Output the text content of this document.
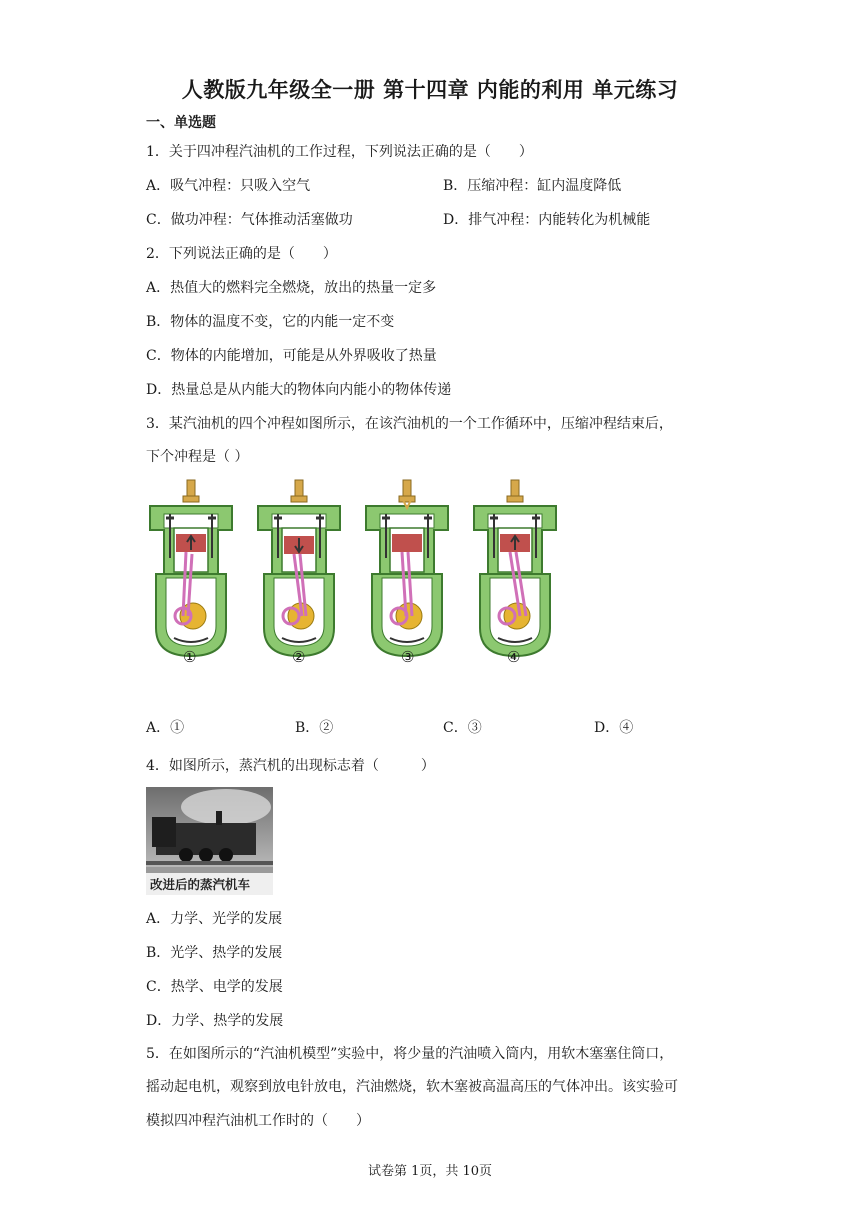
人教版九年级全一册 第十四章 内能的利用 单元练习
一、单选题
1．关于四冲程汽油机的工作过程，下列说法正确的是（　　）
A．吸气冲程：只吸入空气	B．压缩冲程：缸内温度降低
C．做功冲程：气体推动活塞做功	D．排气冲程：内能转化为机械能
2．下列说法正确的是（　　）
A．热值大的燃料完全燃烧，放出的热量一定多
B．物体的温度不变，它的内能一定不变
C．物体的内能增加，可能是从外界吸收了热量
D．热量总是从内能大的物体向内能小的物体传递
3．某汽油机的四个冲程如图所示，在该汽油机的一个工作循环中，压缩冲程结束后，
下个冲程是（ ）
①	②	③	④
A．①	B．②	C．③	D．④
4．如图所示，蒸汽机的出现标志着（　　　）
改进后的蒸汽机车
A．力学、光学的发展
B．光学、热学的发展
C．热学、电学的发展
D．力学、热学的发展
5．在如图所示的“汽油机模型”实验中，将少量的汽油喷入筒内，用软木塞塞住筒口，
摇动起电机，观察到放电针放电，汽油燃烧，软木塞被高温高压的气体冲出。该实验可
模拟四冲程汽油机工作时的（　　）
试卷第 1页，共 10页
